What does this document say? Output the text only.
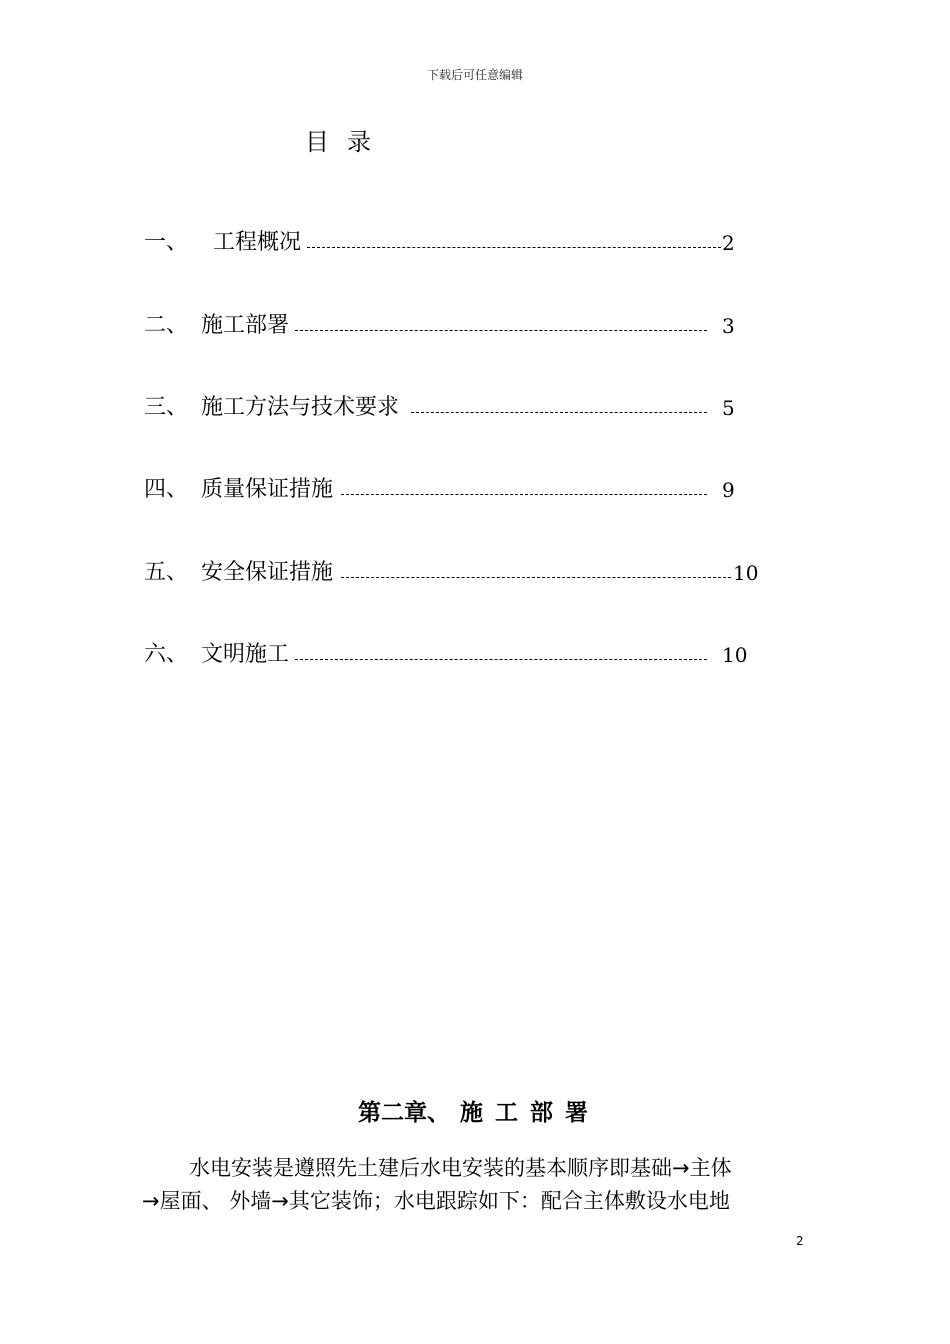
下载后可任意编辑
目录
一、 工程概况	2
二、 施工部署	3
三、 施工方法与技术要求	5
四、 质量保证措施	9
五、 安全保证措施	10
六、 文明施工	10
第二章、 施工部署
水电安装是遵照先土建后水电安装的基本顺序即基础→主体
→屋面、 外墙→其它装饰；水电跟踪如下：配合主体敷设水电地
2
